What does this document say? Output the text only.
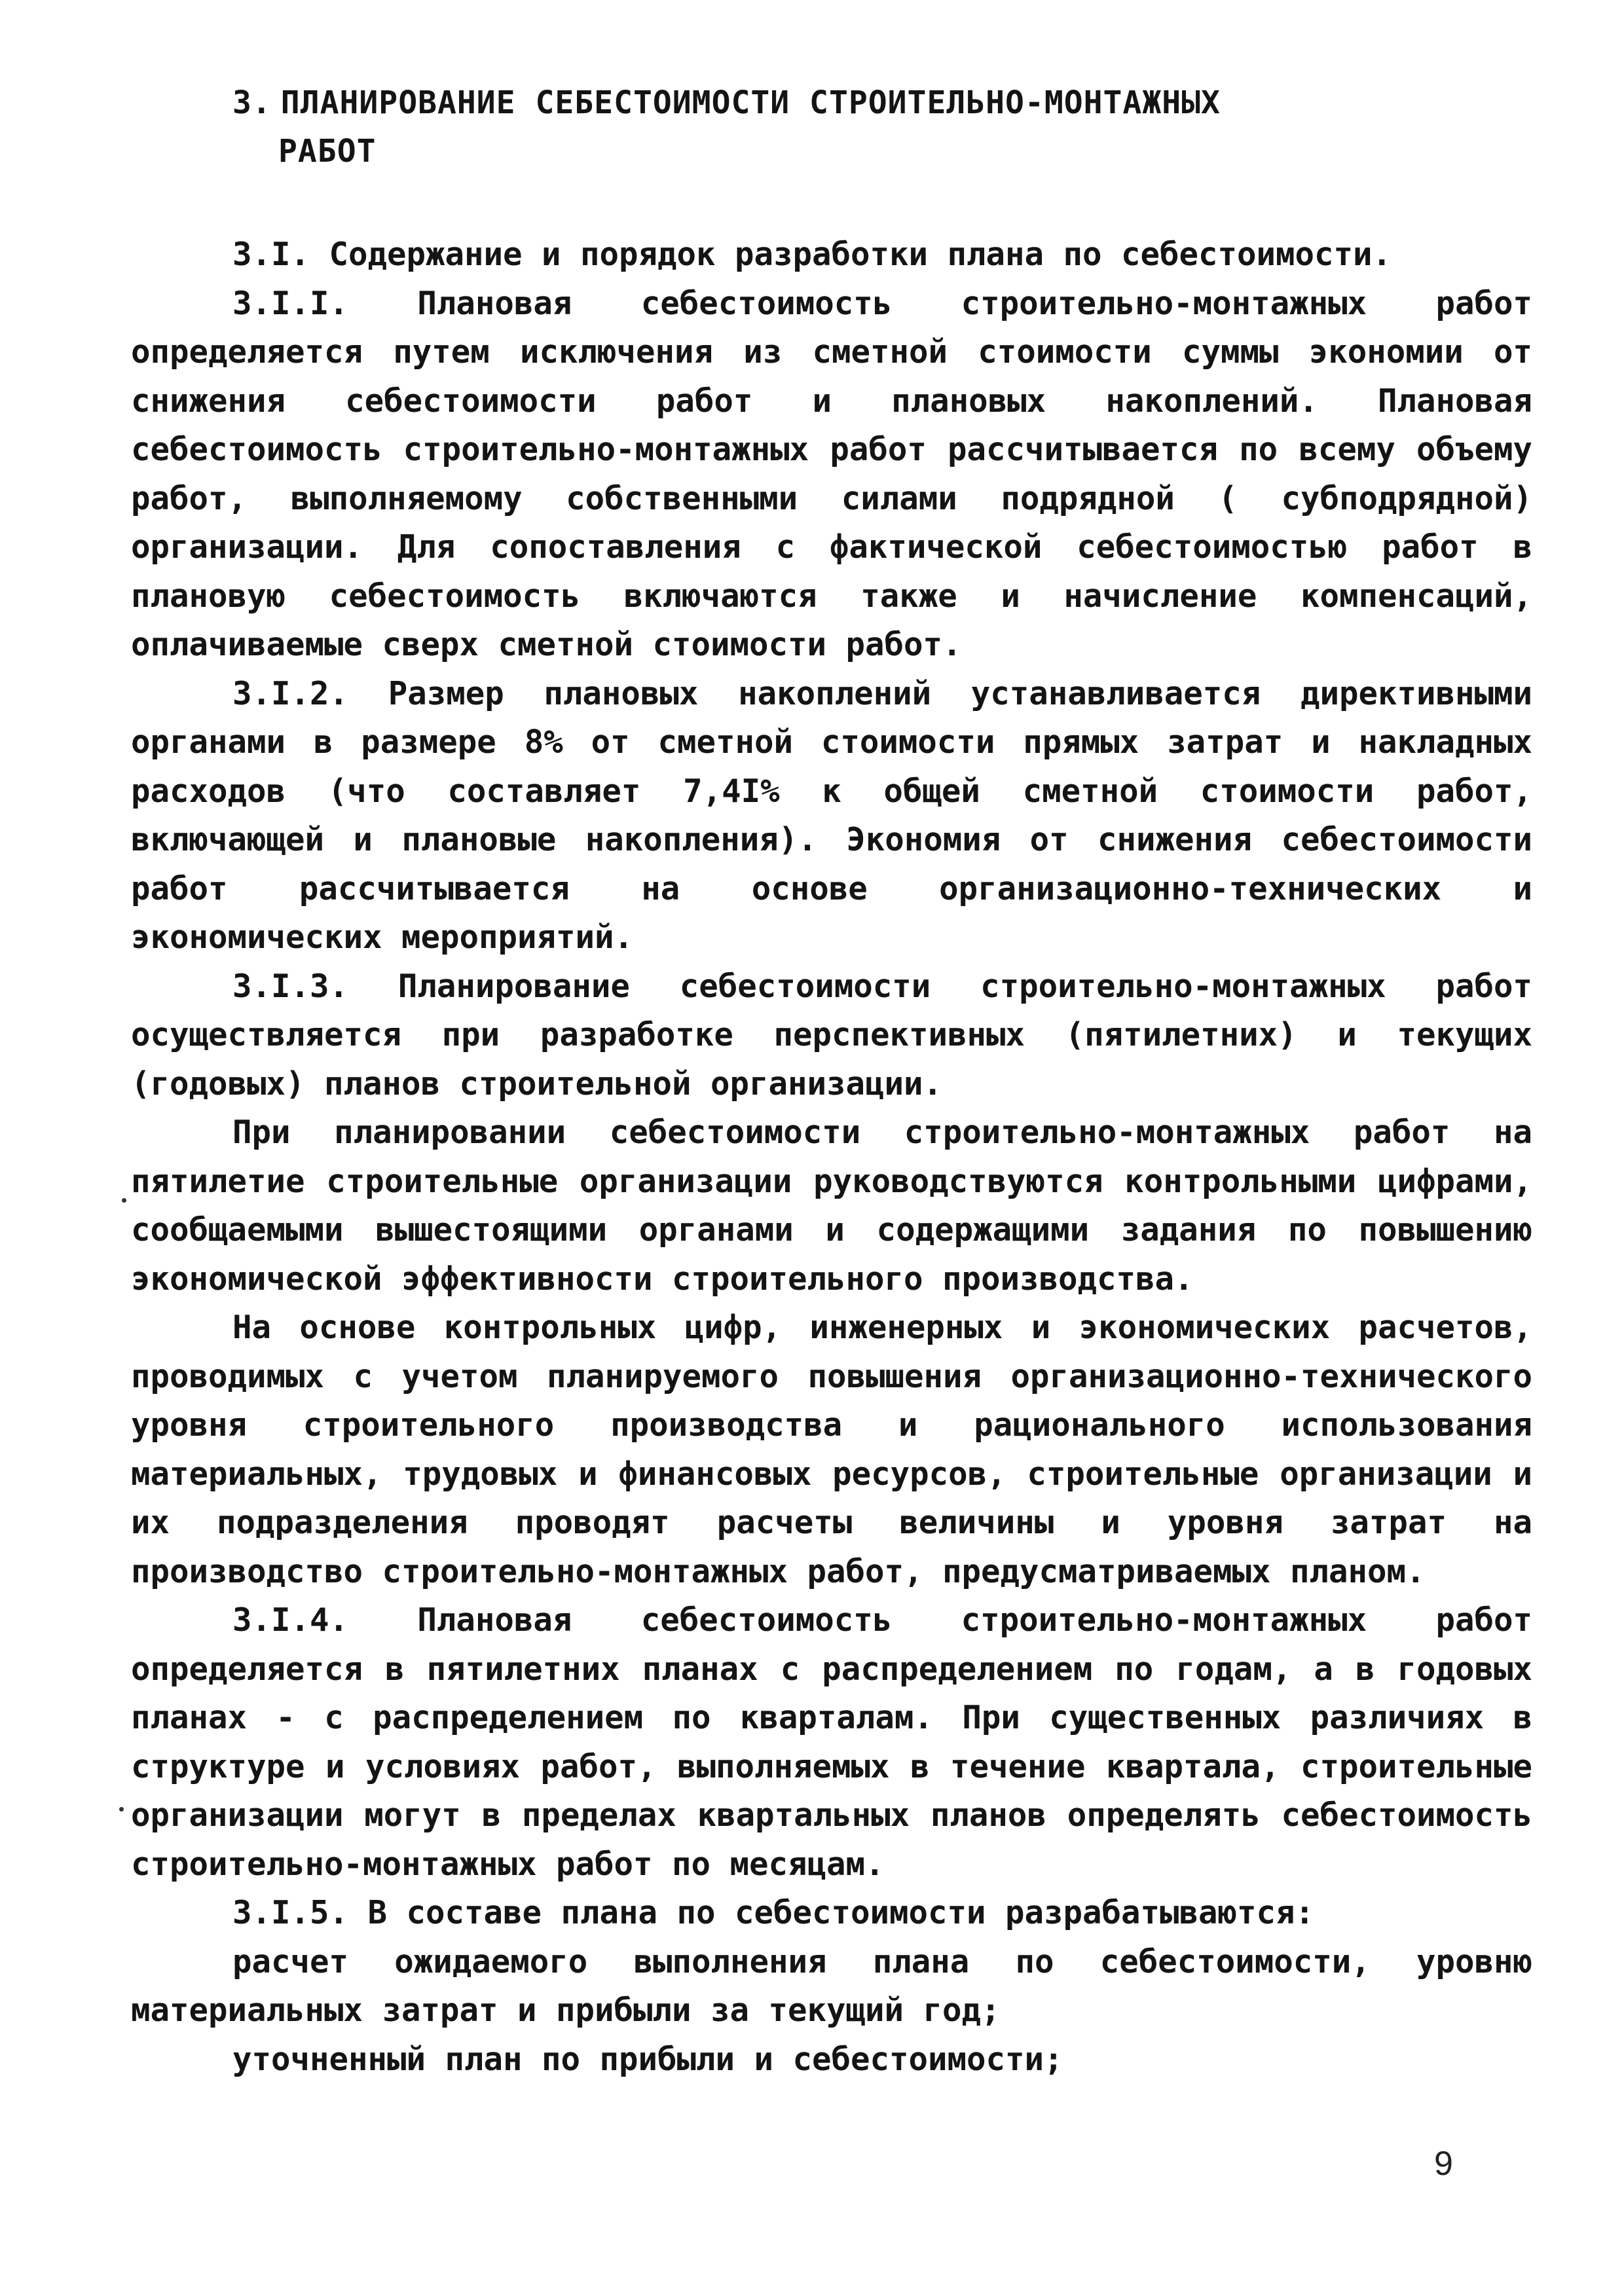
3. ПЛАНИРОВАНИЕ СЕБЕСТОИМОСТИ СТРОИТЕЛЬНО-МОНТАЖНЫХ
РАБОТ

3.I. Содержание и порядок разработки плана по себестоимости.

3.I.I. Плановая себестоимость строительно-монтажных работ определяется путем исключения из сметной стоимости суммы экономии от снижения себестоимости работ и плановых накоплений. Плановая себестоимость строительно-монтажных работ рассчитывается по всему объему работ, выполняемому собственными силами подрядной ( субподрядной) организации. Для сопоставления с фактической себестоимостью работ в плановую себестоимость включаются также и начисление компенсаций, оплачиваемые сверх сметной стоимости работ.

3.I.2. Размер плановых накоплений устанавливается директивными органами в размере 8% от сметной стоимости прямых затрат и накладных расходов (что составляет 7,4I% к общей сметной стоимости работ, включающей и плановые накопления). Экономия от снижения себестоимости работ рассчитывается на основе организационно-технических и экономических мероприятий.

3.I.3. Планирование себестоимости строительно-монтажных работ осуществляется при разработке перспективных (пятилетних) и текущих (годовых) планов строительной организации.

При планировании себестоимости строительно-монтажных работ на пятилетие строительные организации руководствуются контрольными цифрами, сообщаемыми вышестоящими органами и содержащими задания по повышению экономической эффективности строительного производства.

На основе контрольных цифр, инженерных и экономических расчетов, проводимых с учетом планируемого повышения организационно-технического уровня строительного производства и рационального использования материальных, трудовых и финансовых ресурсов, строительные организации и их подразделения проводят расчеты величины и уровня затрат на производство строительно-монтажных работ, предусматриваемых планом.

3.I.4. Плановая себестоимость строительно-монтажных работ определяется в пятилетних планах с распределением по годам, а в годовых планах - с распределением по кварталам. При существенных различиях в структуре и условиях работ, выполняемых в течение квартала, строительные организации могут в пределах квартальных планов определять себестоимость строительно-монтажных работ по месяцам.

3.I.5. В составе плана по себестоимости разрабатываются:

расчет ожидаемого выполнения плана по себестоимости, уровню материальных затрат и прибыли за текущий год;

уточненный план по прибыли и себестоимости;

9
